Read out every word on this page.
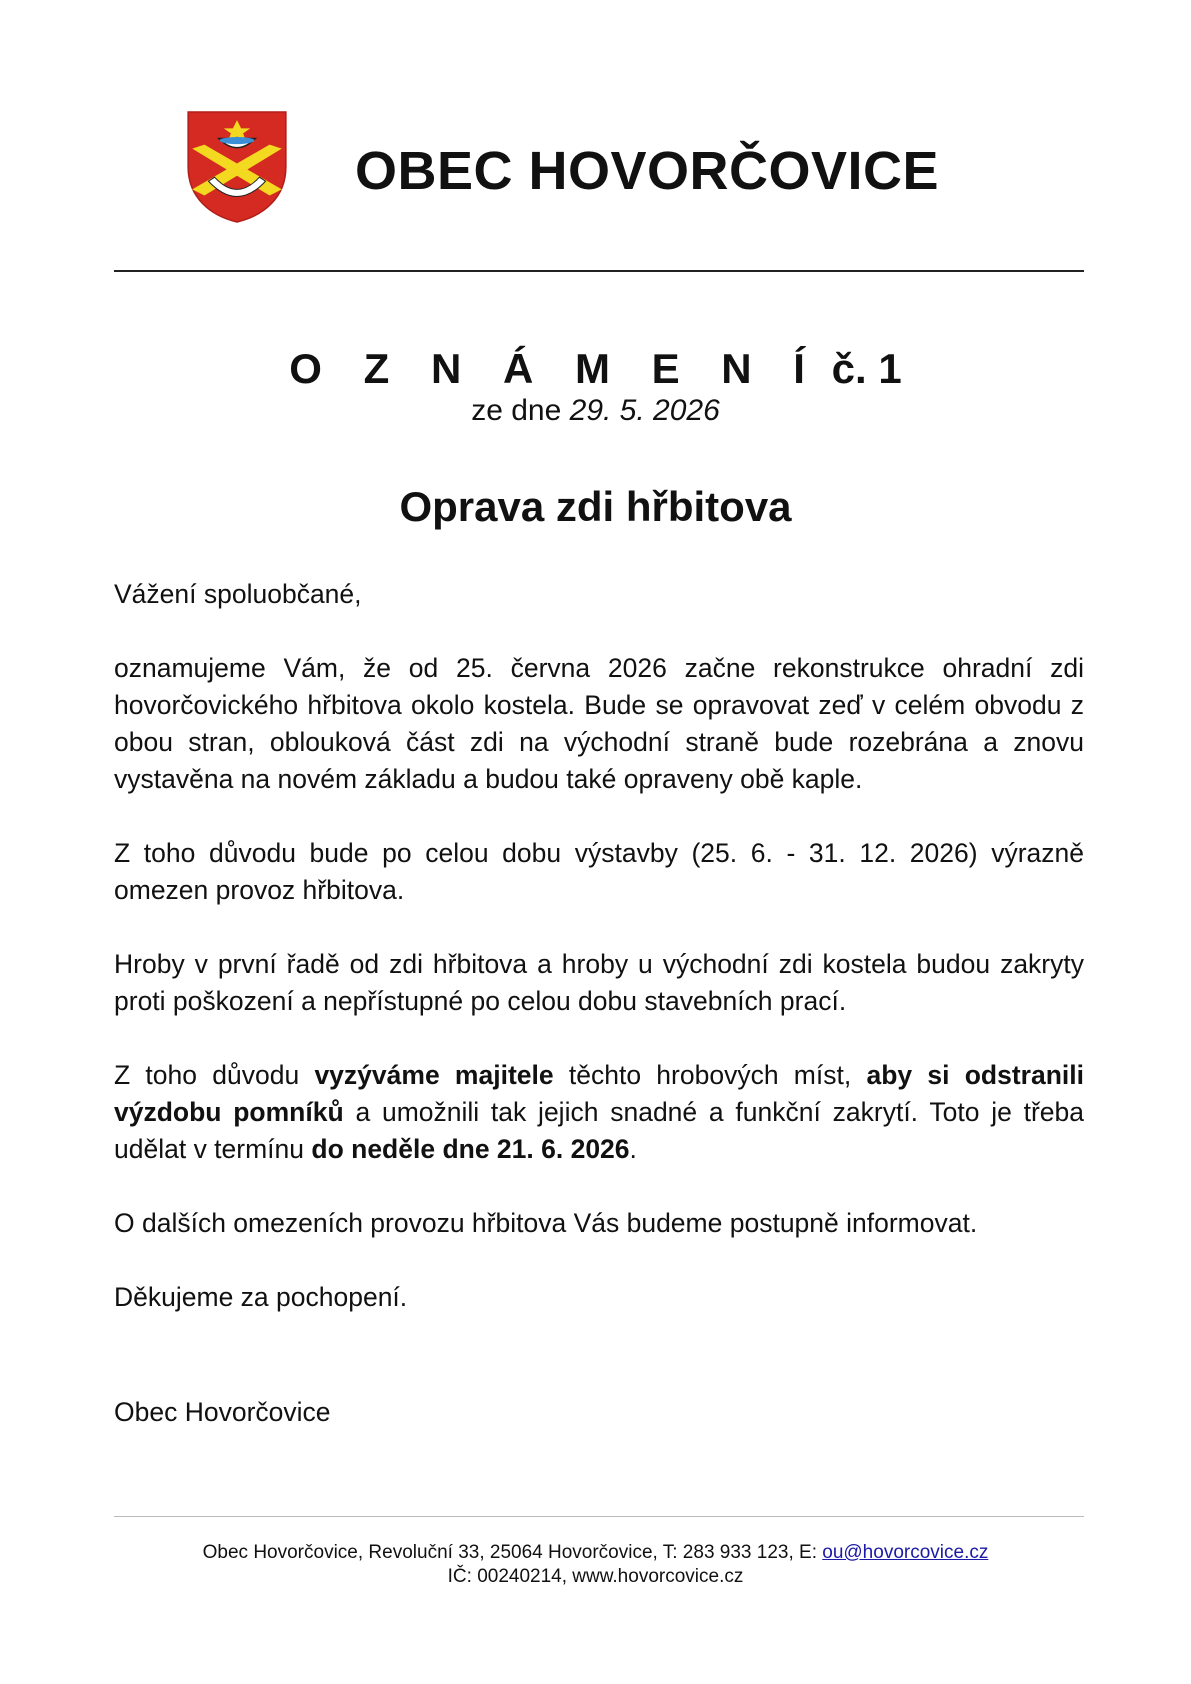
OBEC HOVORČOVICE
O Z N Á M E N Í č. 1
ze dne 29. 5. 2026
Oprava zdi hřbitova

Vážení spoluobčané,

oznamujeme Vám, že od 25. června 2026 začne rekonstrukce ohradní zdi hovorčovického hřbitova okolo kostela. Bude se opravovat zeď v celém obvodu z obou stran, oblouková část zdi na východní straně bude rozebrána a znovu vystavěna na novém základu a budou také opraveny obě kaple.

Z toho důvodu bude po celou dobu výstavby (25. 6. - 31. 12. 2026) výrazně omezen provoz hřbitova.

Hroby v první řadě od zdi hřbitova a hroby u východní zdi kostela budou zakryty proti poškození a nepřístupné po celou dobu stavebních prací.

Z toho důvodu vyzýváme majitele těchto hrobových míst, aby si odstranili výzdobu pomníků a umožnili tak jejich snadné a funkční zakrytí. Toto je třeba udělat v termínu do neděle dne 21. 6. 2026.

O dalších omezeních provozu hřbitova Vás budeme postupně informovat.

Děkujeme za pochopení.

Obec Hovorčovice
Obec Hovorčovice, Revoluční 33, 25064 Hovorčovice, T: 283 933 123, E: ou@hovorcovice.cz
IČ: 00240214, www.hovorcovice.cz
